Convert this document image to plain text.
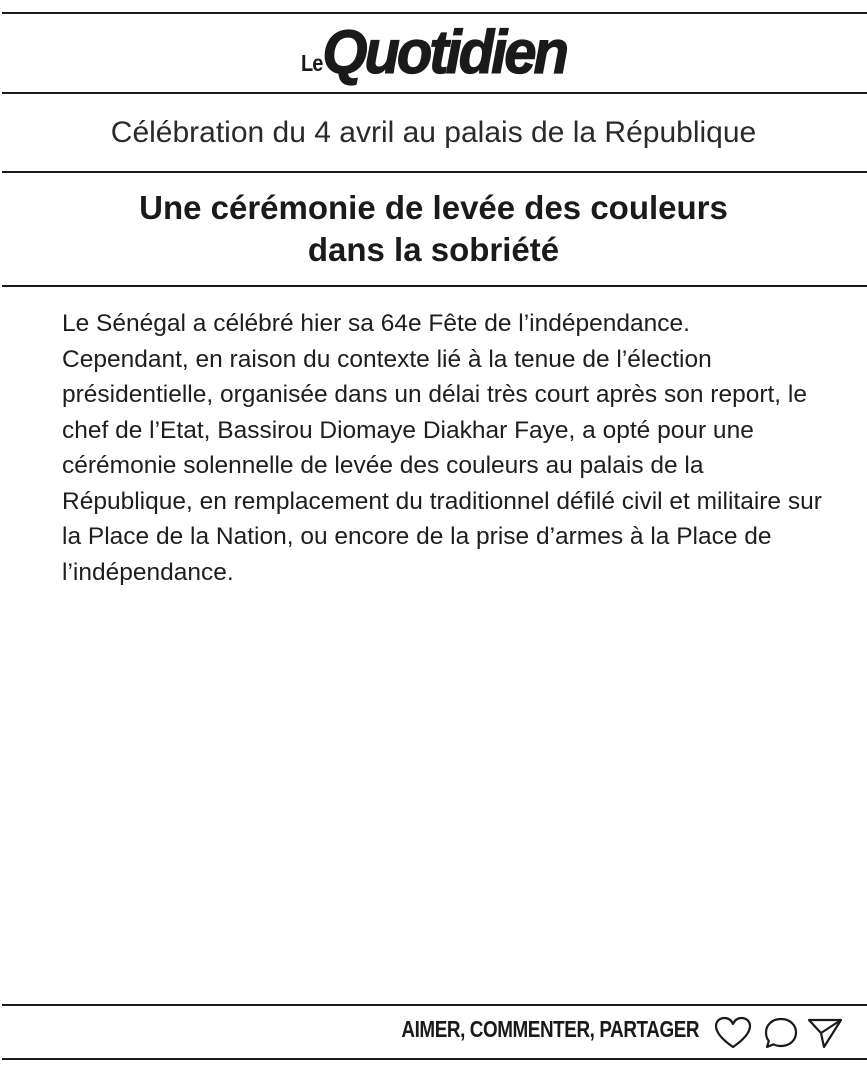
Le Quotidien
Célébration du 4 avril au palais de la République
Une cérémonie de levée des couleurs
dans la sobriété

Le Sénégal a célébré hier sa 64e Fête de l’indépendance. Cependant, en raison du contexte lié à la tenue de l’élection présidentielle, organisée dans un délai très court après son report, le chef de l’Etat, Bassirou Diomaye Diakhar Faye, a opté pour une cérémonie solennelle de levée des couleurs au palais de la République, en remplacement du traditionnel défilé civil et militaire sur la Place de la Nation, ou encore de la prise d’armes à la Place de l’indépendance.

AIMER, COMMENTER, PARTAGER
